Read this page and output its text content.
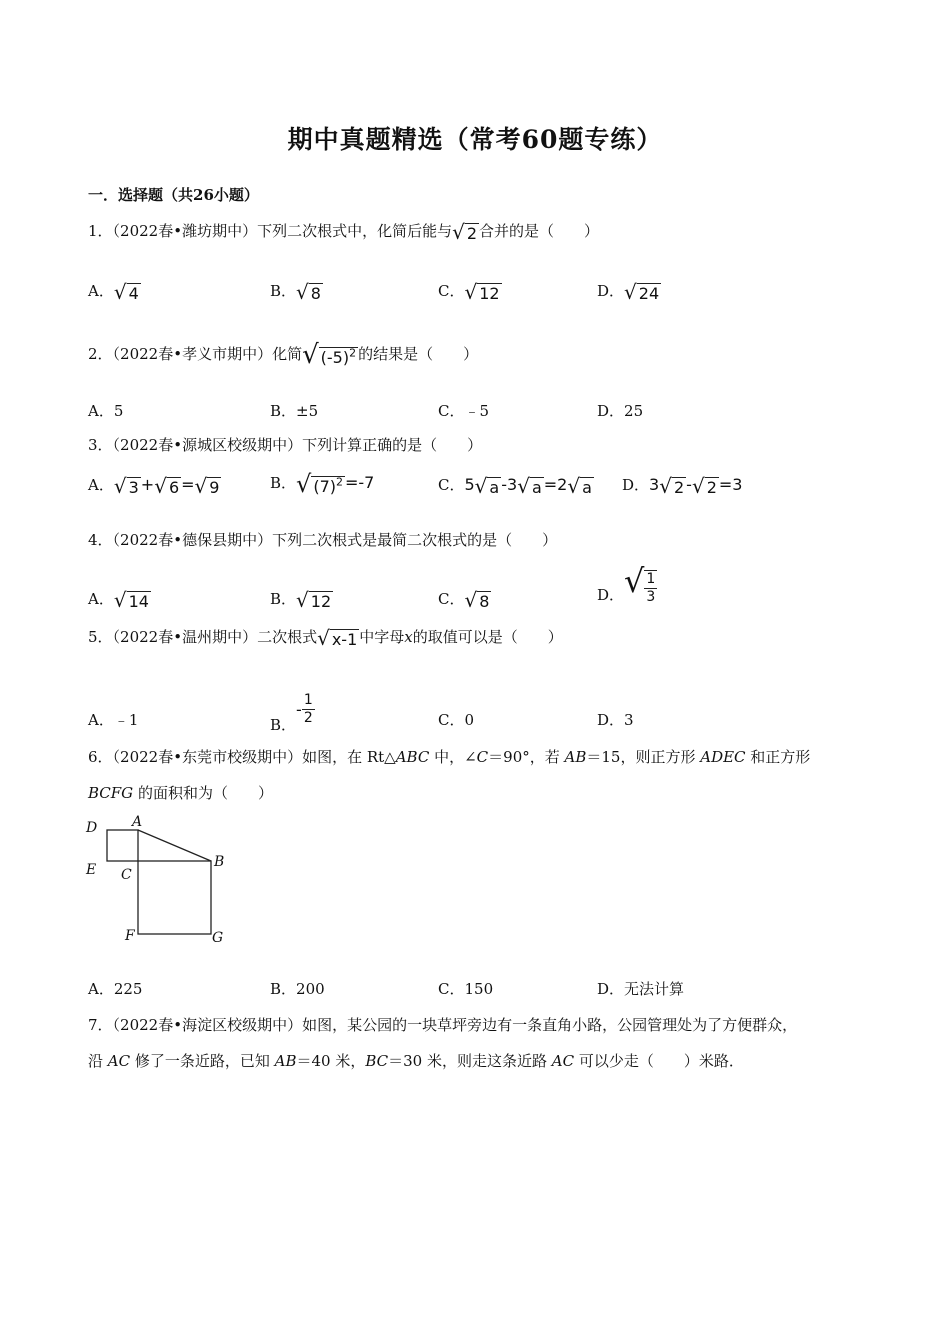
期中真题精选（常考60题专练）
一．选择题（共26小题）
1．（2022春•潍坊期中）下列二次根式中，化简后能与√ 2 合并的是（　　）
A．√ 4	B．√ 8	C．√ 12	D．√ 24
2．（2022春•孝义市期中）化简√ $(-5)^2$ 的结果是（　　）
A．5	B．±5	C．﹣5	D．25
3．（2022春•源城区校级期中）下列计算正确的是（　　）
A．√ 3 +√ 6 =√ 9	B．√ $(7)^2 =-7$	C．5√ a -3√ a =2√ a D．3√ 2 -√ 2 =3
4．（2022春•德保县期中）下列二次根式是最简二次根式的是（　　）
A．√ 14	B．√ 12	C．√ 8	D．√ $\frac{1}{3}$
5．（2022春•温州期中）二次根式√ x-1 中字母x的取值可以是（　　）
A．﹣1	B．- $\frac{1}{2}$	C．0	D．3
6．（2022春•东莞市校级期中）如图，在 Rt△ABC 中，∠C＝90°，若 AB＝15，则正方形 ADEC 和正方形
BCFG 的面积和为（　　）
A
B
C
D
E
F	G
A．225	B．200	C．150	D．无法计算
7．（2022春•海淀区校级期中）如图，某公园的一块草坪旁边有一条直角小路，公园管理处为了方便群众，
沿 AC 修了一条近路，已知 AB＝40 米，BC＝30 米，则走这条近路 AC 可以少走（　　）米路．
